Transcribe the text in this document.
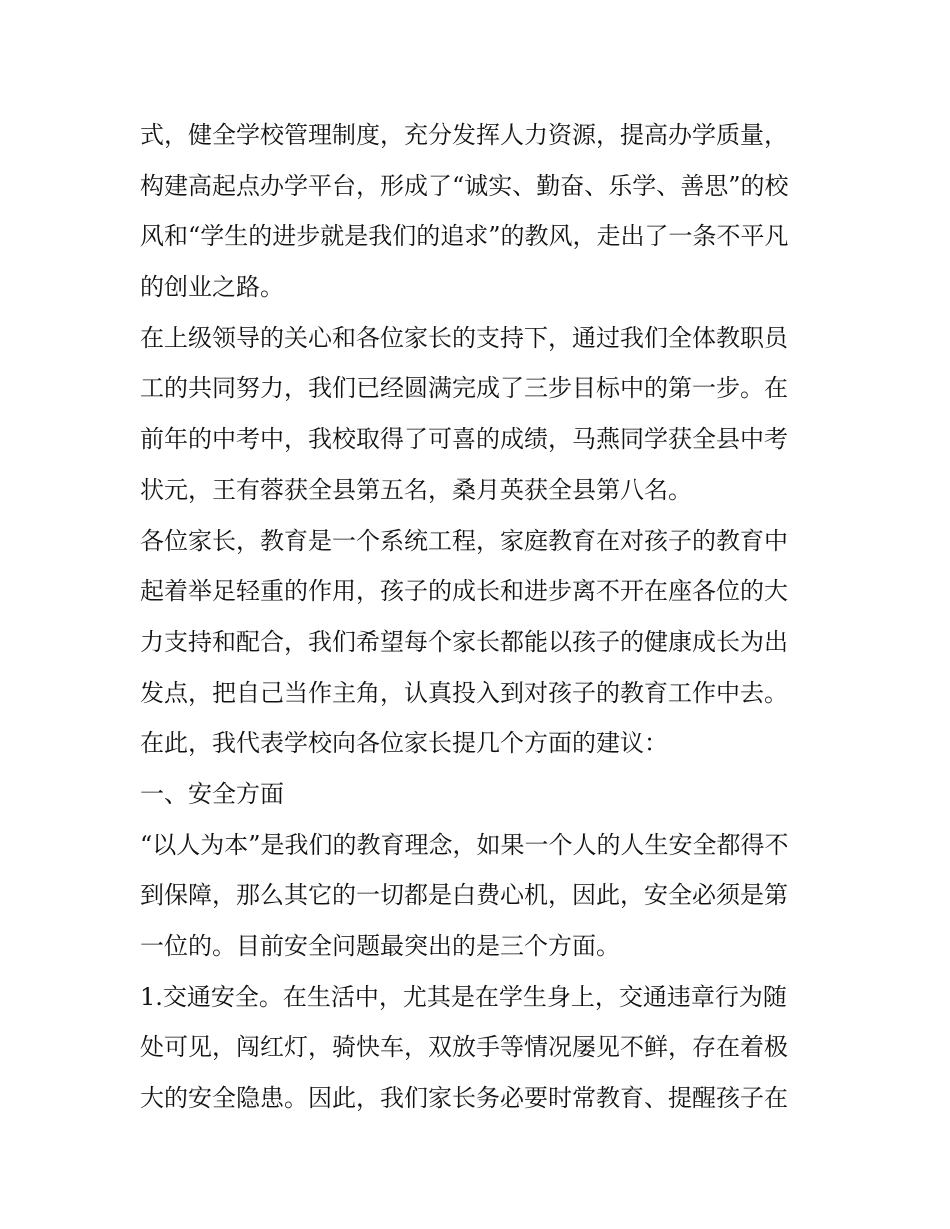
式，健全学校管理制度，充分发挥人力资源，提高办学质量，
构建高起点办学平台，形成了“诚实、勤奋、乐学、善思”的校
风和“学生的进步就是我们的追求”的教风，走出了一条不平凡
的创业之路。
在上级领导的关心和各位家长的支持下，通过我们全体教职员
工的共同努力，我们已经圆满完成了三步目标中的第一步。在
前年的中考中，我校取得了可喜的成绩，马燕同学获全县中考
状元，王有蓉获全县第五名，桑月英获全县第八名。
各位家长，教育是一个系统工程，家庭教育在对孩子的教育中
起着举足轻重的作用，孩子的成长和进步离不开在座各位的大
力支持和配合，我们希望每个家长都能以孩子的健康成长为出
发点，把自己当作主角，认真投入到对孩子的教育工作中去。
在此，我代表学校向各位家长提几个方面的建议：
一、安全方面
“以人为本”是我们的教育理念，如果一个人的人生安全都得不
到保障，那么其它的一切都是白费心机，因此，安全必须是第
一位的。目前安全问题最突出的是三个方面。
1.交通安全。在生活中，尤其是在学生身上，交通违章行为随
处可见，闯红灯，骑快车，双放手等情况屡见不鲜，存在着极
大的安全隐患。因此，我们家长务必要时常教育、提醒孩子在
